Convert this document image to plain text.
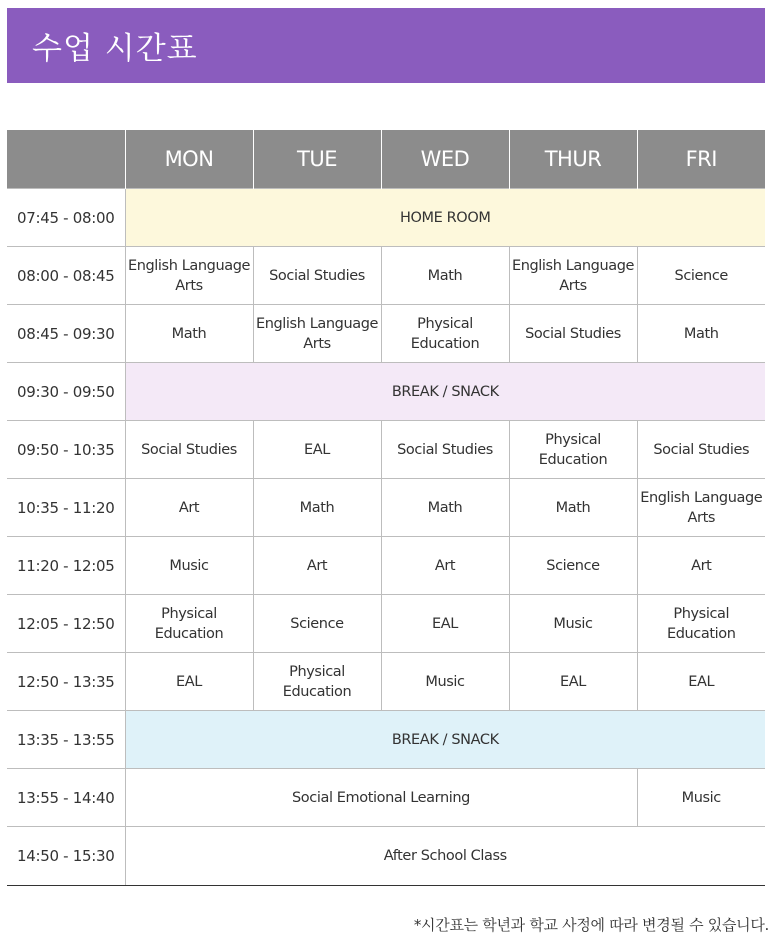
수업 시간표
	MON	TUE	WED	THUR	FRI
07:45 - 08:00	HOME ROOM				
08:00 - 08:45	English Language Arts	Social Studies	Math	English Language Arts	Science
08:45 - 09:30	Math	English Language Arts	Physical Education	Social Studies	Math
09:30 - 09:50	BREAK / SNACK				
09:50 - 10:35	Social Studies	EAL	Social Studies	Physical Education	Social Studies
10:35 - 11:20	Art	Math	Math	Math	English Language Arts
11:20 - 12:05	Music	Art	Art	Science	Art
12:05 - 12:50	Physical Education	Science	EAL	Music	Physical Education
12:50 - 13:35	EAL	Physical Education	Music	EAL	EAL
13:35 - 13:55	BREAK / SNACK				
13:55 - 14:40	Social Emotional Learning				Music
14:50 - 15:30	After School Class				
*시간표는 학년과 학교 사정에 따라 변경될 수 있습니다.
